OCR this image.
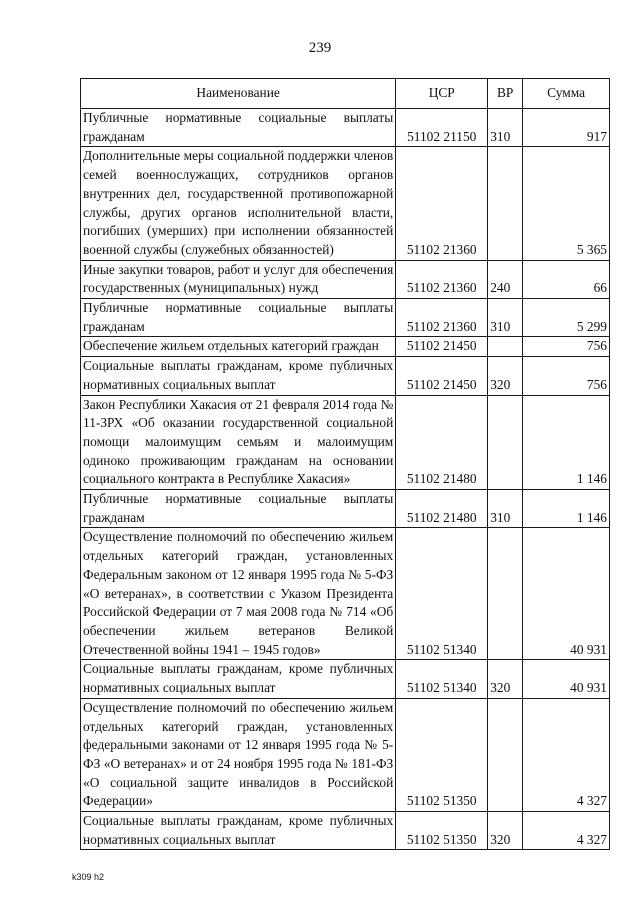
239
Наименование	ЦСР	ВР	Сумма
Публичные нормативные социальные выплаты гражданам	51102 21150	310	917
Дополнительные меры социальной поддержки членов семей военнослужащих, сотрудников органов внутренних дел, государственной противопожарной службы, других органов исполнительной власти, погибших (умерших) при исполнении обязанностей военной службы (служебных обязанностей)	51102 21360		5 365
Иные закупки товаров, работ и услуг для обеспечения государственных (муниципальных) нужд	51102 21360	240	66
Публичные нормативные социальные выплаты гражданам	51102 21360	310	5 299
Обеспечение жильем отдельных категорий граждан	51102 21450		756
Социальные выплаты гражданам, кроме публичных нормативных социальных выплат	51102 21450	320	756
Закон Республики Хакасия от 21 февраля 2014 года № 11-ЗРХ «Об оказании государственной социальной помощи малоимущим семьям и малоимущим одиноко проживающим гражданам на основании социального контракта в Республике Хакасия»	51102 21480		1 146
Публичные нормативные социальные выплаты гражданам	51102 21480	310	1 146
Осуществление полномочий по обеспечению жильем отдельных категорий граждан, установленных Федеральным законом от 12 января 1995 года № 5-ФЗ «О ветеранах», в соответствии с Указом Президента Российской Федерации от 7 мая 2008 года № 714 «Об обеспечении жильем ветеранов Великой Отечественной войны 1941 – 1945 годов»	51102 51340		40 931
Социальные выплаты гражданам, кроме публичных нормативных социальных выплат	51102 51340	320	40 931
Осуществление полномочий по обеспечению жильем отдельных категорий граждан, установленных федеральными законами от 12 января 1995 года № 5-ФЗ «О ветеранах» и от 24 ноября 1995 года № 181-ФЗ «О социальной защите инвалидов в Российской Федерации»	51102 51350		4 327
Социальные выплаты гражданам, кроме публичных нормативных социальных выплат	51102 51350	320	4 327
k309 h2
